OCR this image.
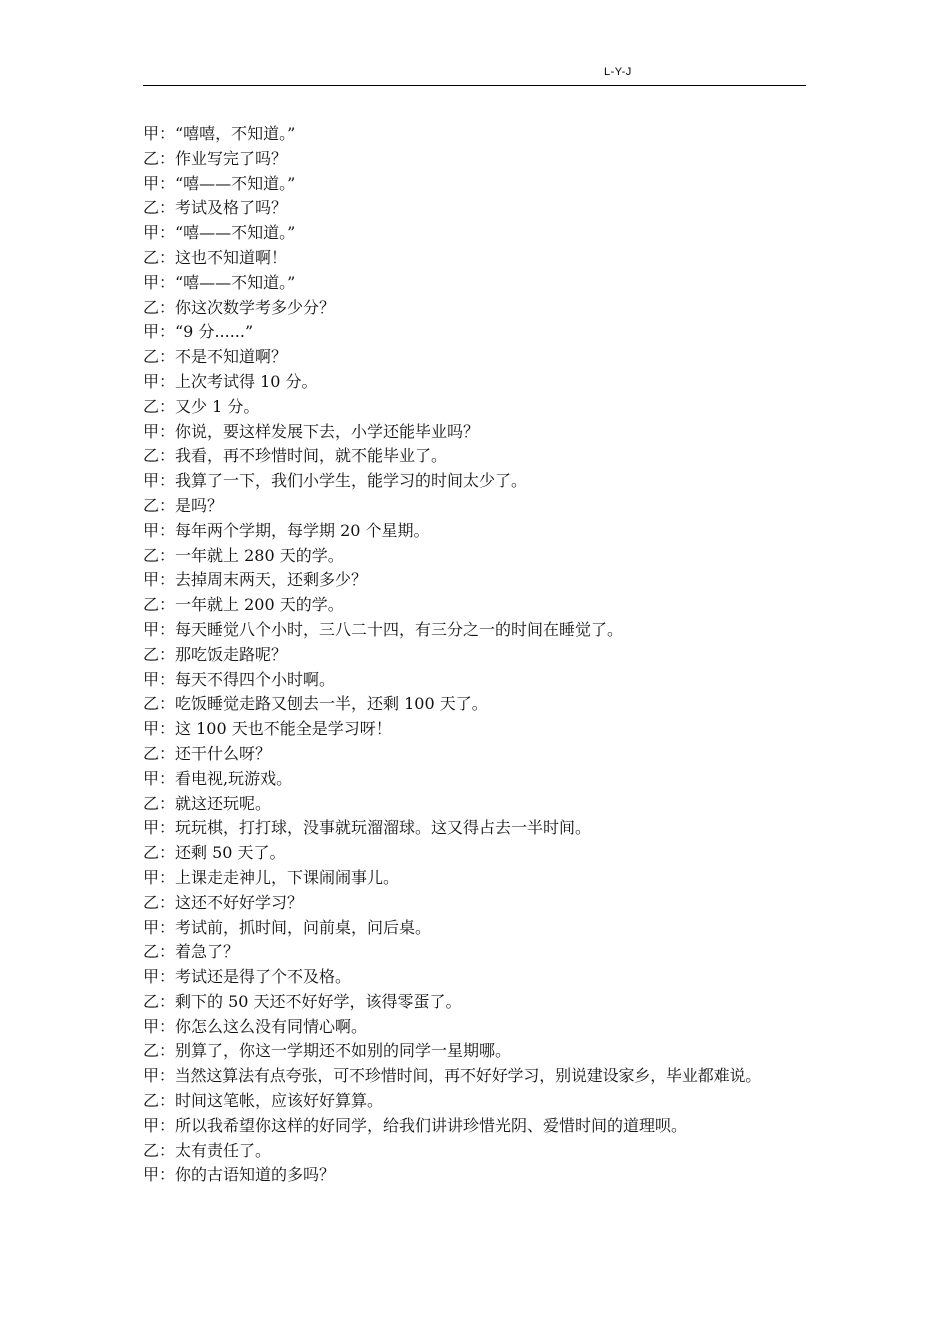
L-Y-J
甲：“嘻嘻，不知道。”
乙：作业写完了吗？
甲：“嘻——不知道。”
乙：考试及格了吗？
甲：“嘻——不知道。”
乙：这也不知道啊！
甲：“嘻——不知道。”
乙：你这次数学考多少分？
甲：“9 分......”
乙：不是不知道啊？
甲：上次考试得 10 分。
乙：又少 1 分。
甲：你说，要这样发展下去，小学还能毕业吗？
乙：我看，再不珍惜时间，就不能毕业了。
甲：我算了一下，我们小学生，能学习的时间太少了。
乙：是吗？
甲：每年两个学期，每学期 20 个星期。
乙：一年就上 280 天的学。
甲：去掉周末两天，还剩多少？
乙：一年就上 200 天的学。
甲：每天睡觉八个小时，三八二十四，有三分之一的时间在睡觉了。
乙：那吃饭走路呢？
甲：每天不得四个小时啊。
乙：吃饭睡觉走路又刨去一半，还剩 100 天了。
甲：这 100 天也不能全是学习呀！
乙：还干什么呀？
甲：看电视,玩游戏。
乙：就这还玩呢。
甲：玩玩棋，打打球，没事就玩溜溜球。这又得占去一半时间。
乙：还剩 50 天了。
甲：上课走走神儿，下课闹闹事儿。
乙：这还不好好学习？
甲：考试前，抓时间，问前桌，问后桌。
乙：着急了？
甲：考试还是得了个不及格。
乙：剩下的 50 天还不好好学，该得零蛋了。
甲：你怎么这么没有同情心啊。
乙：别算了，你这一学期还不如别的同学一星期哪。
甲：当然这算法有点夸张，可不珍惜时间，再不好好学习，别说建设家乡，毕业都难说。
乙：时间这笔帐，应该好好算算。
甲：所以我希望你这样的好同学，给我们讲讲珍惜光阴、爱惜时间的道理呗。
乙：太有责任了。
甲：你的古语知道的多吗？
